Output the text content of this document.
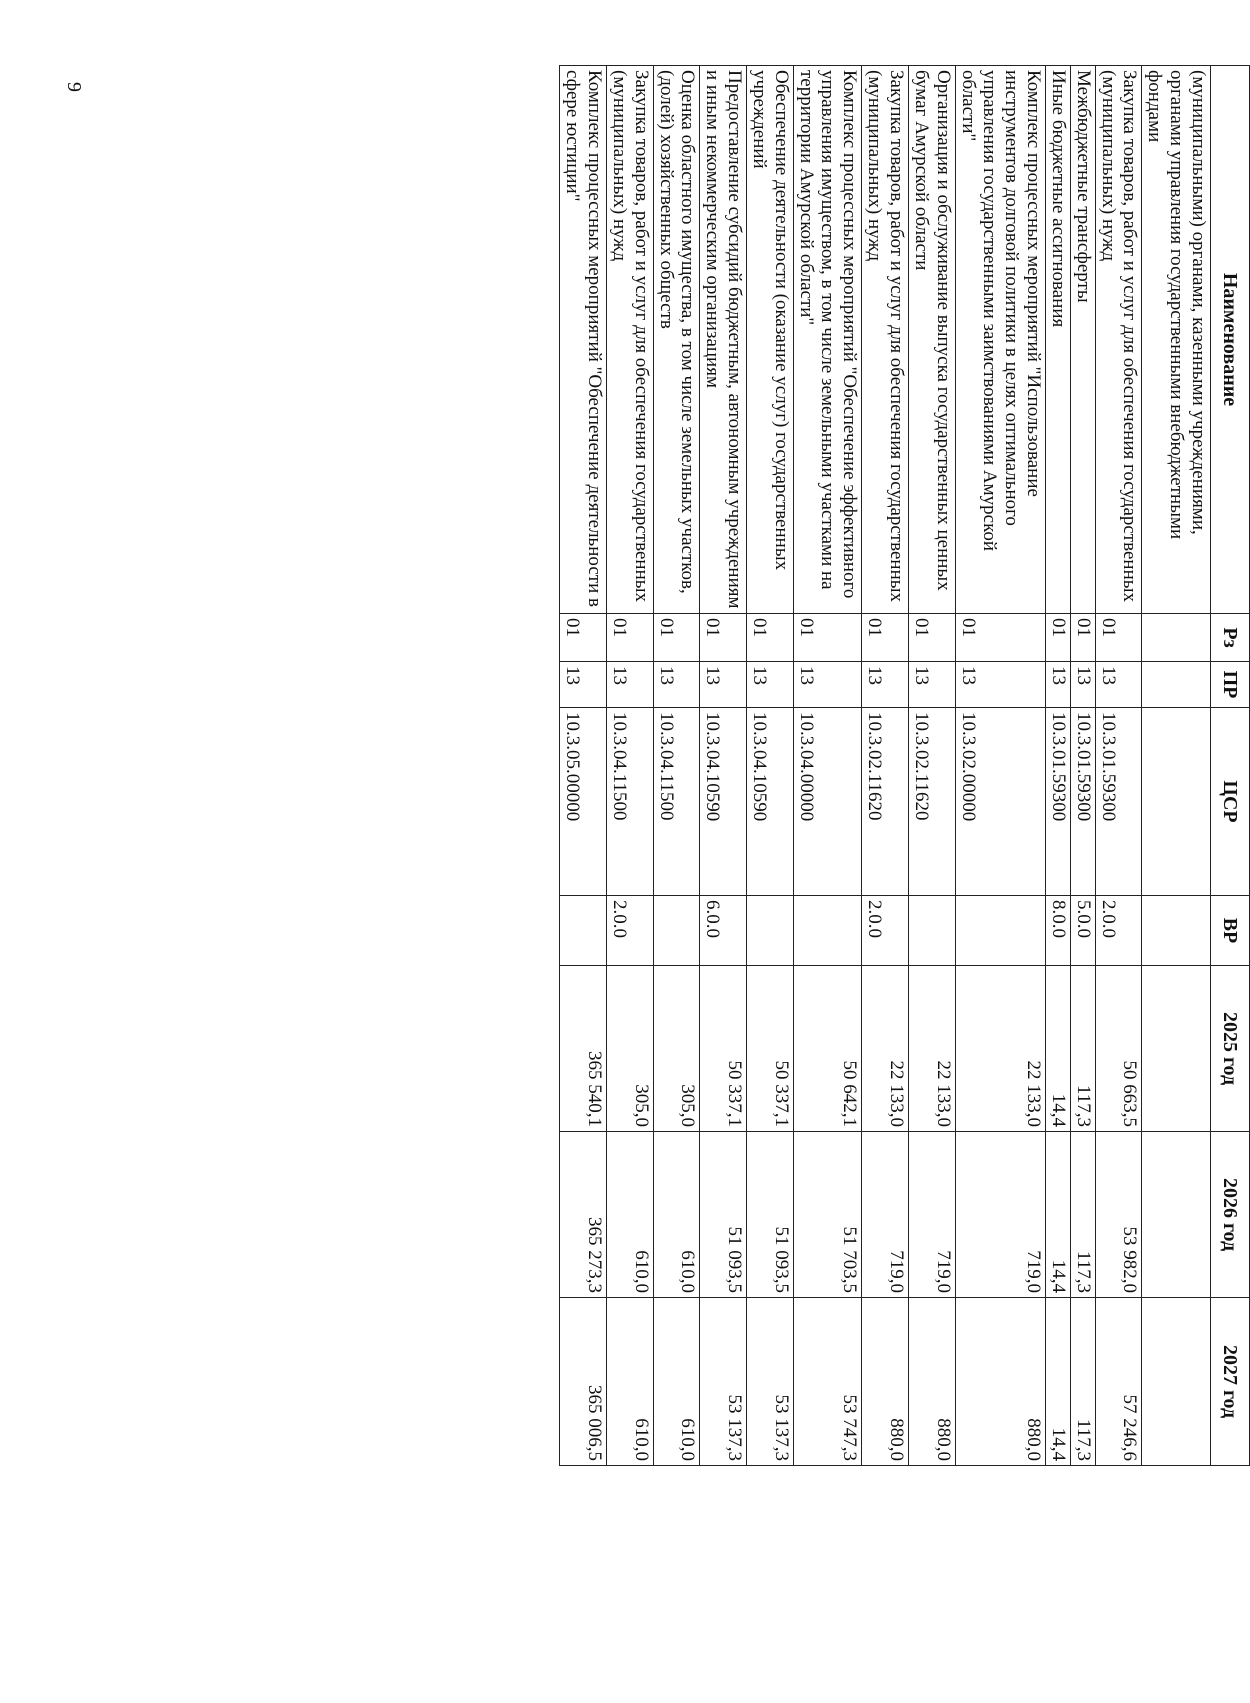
9
Наименование	Рз	ПР	ЦСР	ВР	2025 год	2026 год	2027 год
(муниципальными) органами, казенными учреждениями, органами управления государственными внебюджетными фондами							
Закупка товаров, работ и услуг для обеспечения государственных (муниципальных) нужд	01	13	10.3.01.59300	2.0.0	50 663,5	53 982,0	57 246,6
Межбюджетные трансферты	01	13	10.3.01.59300	5.0.0	117,3	117,3	117,3
Иные бюджетные ассигнования	01	13	10.3.01.59300	8.0.0	14,4	14,4	14,4
Комплекс процессных мероприятий "Использование инструментов долговой политики в целях оптимального управления государственными заимствованиями Амурской области"	01	13	10.3.02.00000		22 133,0	719,0	880,0
Организация и обслуживание выпуска государственных ценных бумаг Амурской области	01	13	10.3.02.11620		22 133,0	719,0	880,0
Закупка товаров, работ и услуг для обеспечения государственных (муниципальных) нужд	01	13	10.3.02.11620	2.0.0	22 133,0	719,0	880,0
Комплекс процессных мероприятий "Обеспечение эффективного управления имуществом, в том числе земельными участками на территории Амурской области"	01	13	10.3.04.00000		50 642,1	51 703,5	53 747,3
Обеспечение деятельности (оказание услуг) государственных учреждений	01	13	10.3.04.10590		50 337,1	51 093,5	53 137,3
Предоставление субсидий бюджетным, автономным учреждениям и иным некоммерческим организациям	01	13	10.3.04.10590	6.0.0	50 337,1	51 093,5	53 137,3
Оценка областного имущества, в том числе земельных участков, (долей) хозяйственных обществ	01	13	10.3.04.11500		305,0	610,0	610,0
Закупка товаров, работ и услуг для обеспечения государственных (муниципальных) нужд	01	13	10.3.04.11500	2.0.0	305,0	610,0	610,0
Комплекс процессных мероприятий "Обеспечение деятельности в сфере юстиции"	01	13	10.3.05.00000		365 540,1	365 273,3	365 006,5
